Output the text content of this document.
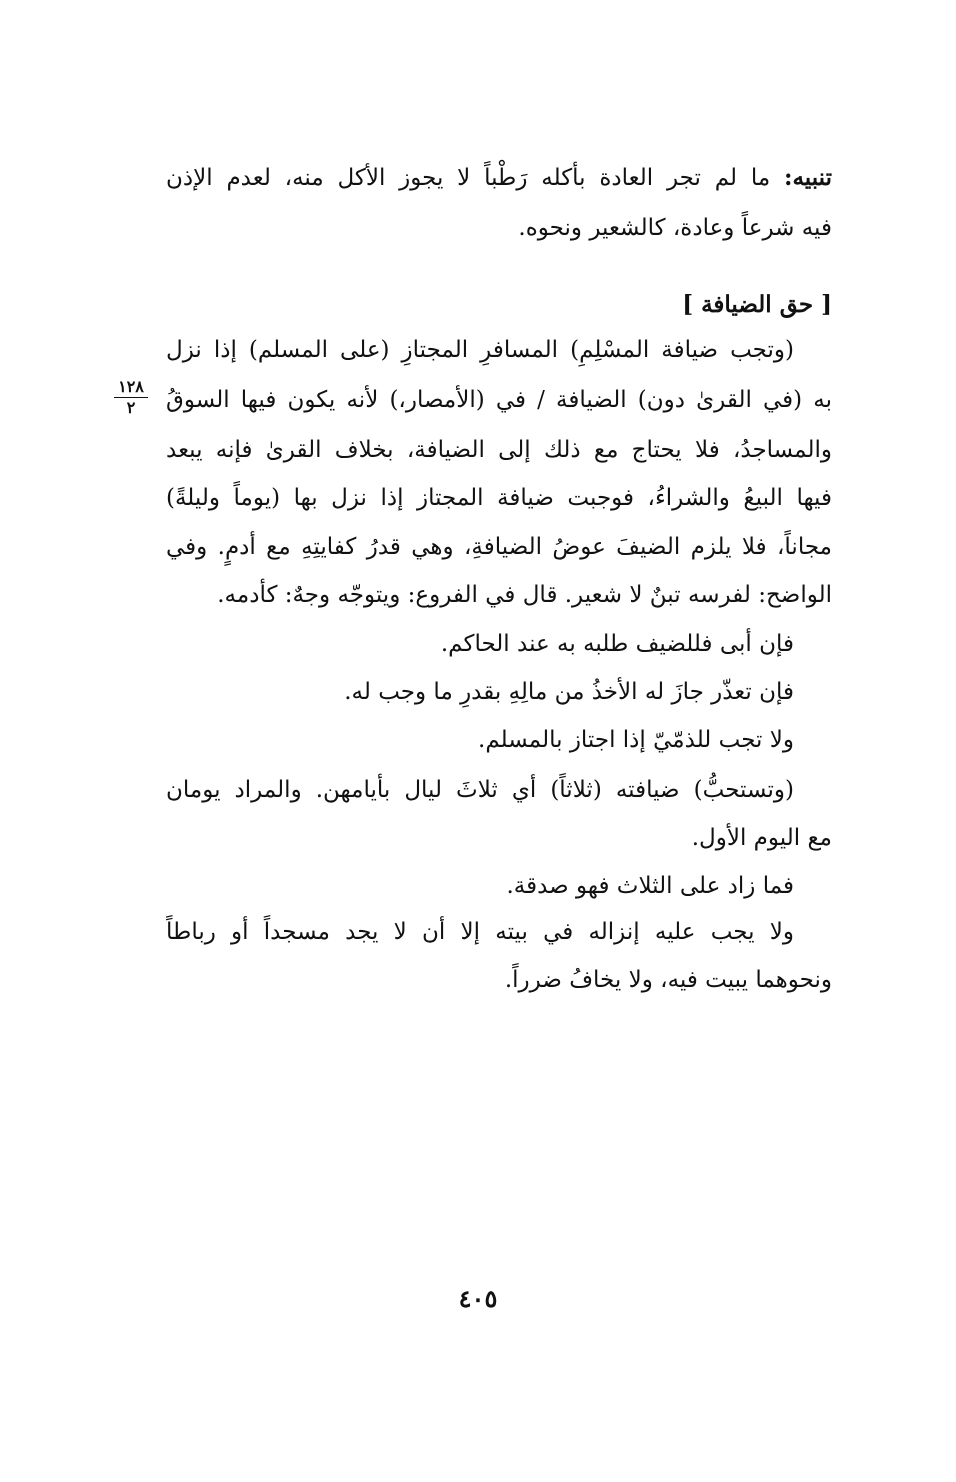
تنبيه: ما لم تجر العادة بأكله رَطْباً لا يجوز الأكل منه، لعدم الإذن
فيه شرعاً وعادة، كالشعير ونحوه.
[ حق الضيافة ]
(وتجب ضيافة المسْلِمِ) المسافرِ المجتازِ (على المسلم) إذا نزل
به (في القرىٰ دون) الضيافة / في (الأمصار،) لأنه يكون فيها السوقُ
والمساجدُ، فلا يحتاج مع ذلك إلى الضيافة، بخلاف القرىٰ فإنه يبعد
فيها البيعُ والشراءُ، فوجبت ضيافة المجتاز إذا نزل بها (يوماً وليلةً)
مجاناً، فلا يلزم الضيفَ عوضُ الضيافةِ، وهي قدرُ كفايتِهِ مع أدمٍ. وفي
الواضح: لفرسه تبنٌ لا شعير. قال في الفروع: ويتوجّه وجهٌ: كأدمه.
فإن أبى فللضيف طلبه به عند الحاكم.
فإن تعذّر جازَ له الأخذُ من مالِهِ بقدرِ ما وجب له.
ولا تجب للذمّيّ إذا اجتاز بالمسلم.
(وتستحبُّ) ضيافته (ثلاثاً) أي ثلاثَ ليال بأيامهن. والمراد يومان
مع اليوم الأول.
فما زاد على الثلاث فهو صدقة.
ولا يجب عليه إنزاله في بيته إلا أن لا يجد مسجداً أو رباطاً
ونحوهما يبيت فيه، ولا يخافُ ضرراً.
١٢٨
٢
٤٠٥
